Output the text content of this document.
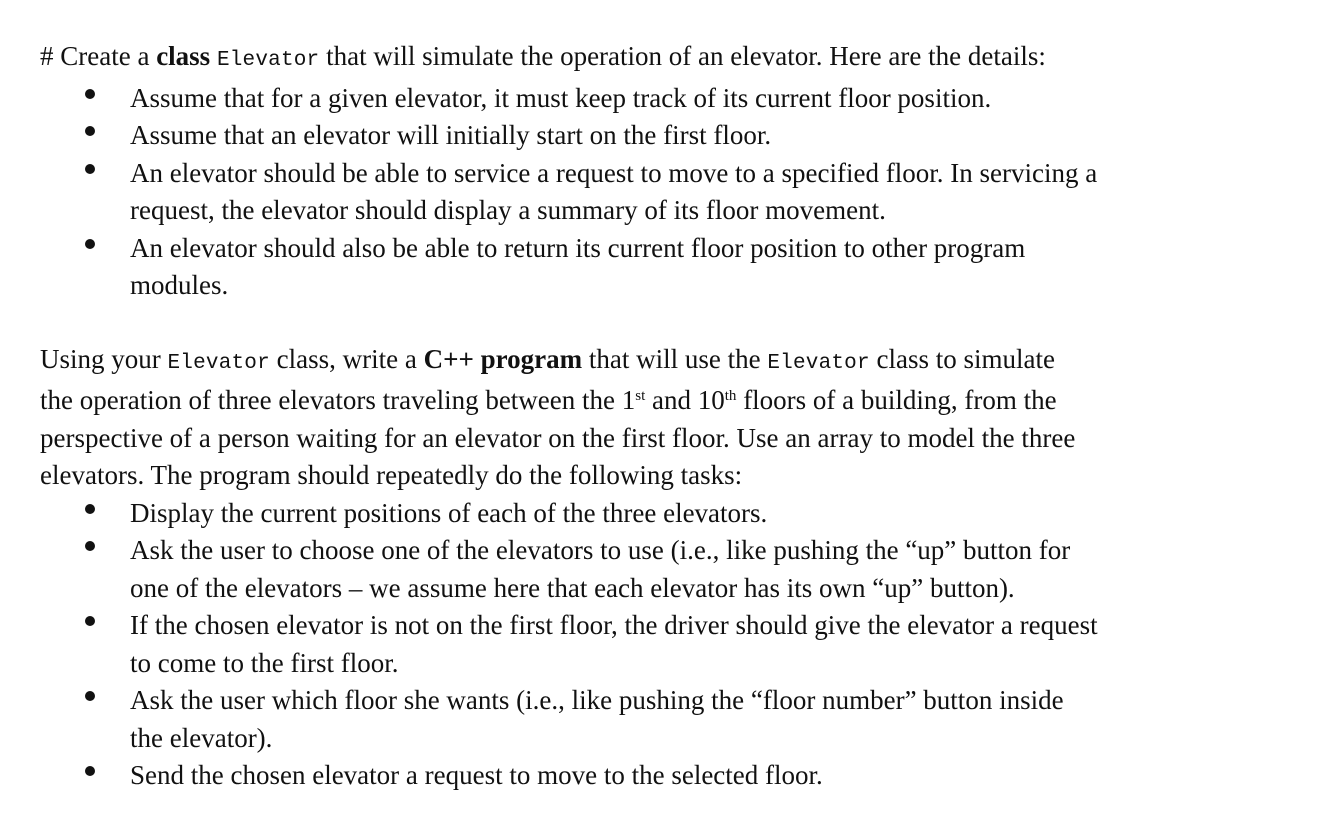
# Create a class Elevator that will simulate the operation of an elevator. Here are the details:
Assume that for a given elevator, it must keep track of its current floor position.
Assume that an elevator will initially start on the first floor.
An elevator should be able to service a request to move to a specified floor. In servicing a
request, the elevator should display a summary of its floor movement.
An elevator should also be able to return its current floor position to other program
modules.
Using your Elevator class, write a C++ program that will use the Elevator class to simulate
the operation of three elevators traveling between the 1st and 10th floors of a building, from the
perspective of a person waiting for an elevator on the first floor. Use an array to model the three
elevators. The program should repeatedly do the following tasks:
Display the current positions of each of the three elevators.
Ask the user to choose one of the elevators to use (i.e., like pushing the “up” button for
one of the elevators – we assume here that each elevator has its own “up” button).
If the chosen elevator is not on the first floor, the driver should give the elevator a request
to come to the first floor.
Ask the user which floor she wants (i.e., like pushing the “floor number” button inside
the elevator).
Send the chosen elevator a request to move to the selected floor.
